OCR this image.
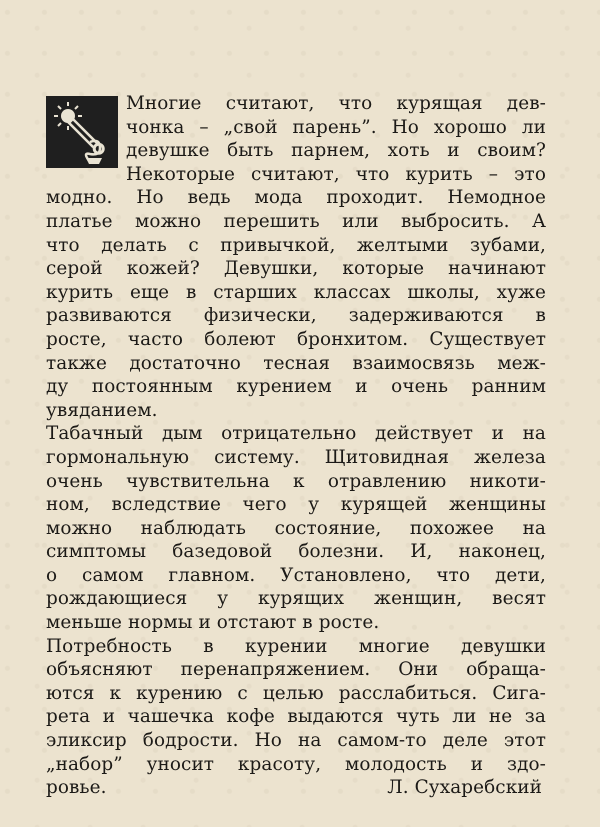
Многие считают, что курящая дев-
чонка – „свой парень”. Но хорошо ли
девушке быть парнем, хоть и своим?
Некоторые считают, что курить – это
модно. Но ведь мода проходит. Немодное
платье можно перешить или выбросить. А
что делать с привычкой, желтыми зубами,
серой кожей? Девушки, которые начинают
курить еще в старших классах школы, хуже
развиваются физически, задерживаются в
росте, часто болеют бронхитом. Существует
также достаточно тесная взаимосвязь меж-
ду постоянным курением и очень ранним
увяданием.
Табачный дым отрицательно действует и на
гормональную систему. Щитовидная железа
очень чувствительна к отравлению никоти-
ном, вследствие чего у курящей женщины
можно наблюдать состояние, похожее на
симптомы базедовой болезни. И, наконец,
о самом главном. Установлено, что дети,
рождающиеся у курящих женщин, весят
меньше нормы и отстают в росте.
Потребность в курении многие девушки
объясняют перенапряжением. Они обраща-
ются к курению с целью расслабиться. Сига-
рета и чашечка кофе выдаются чуть ли не за
эликсир бодрости. Но на самом-то деле этот
„набор” уносит красоту, молодость и здо-
ровье.	Л. Сухаребский
